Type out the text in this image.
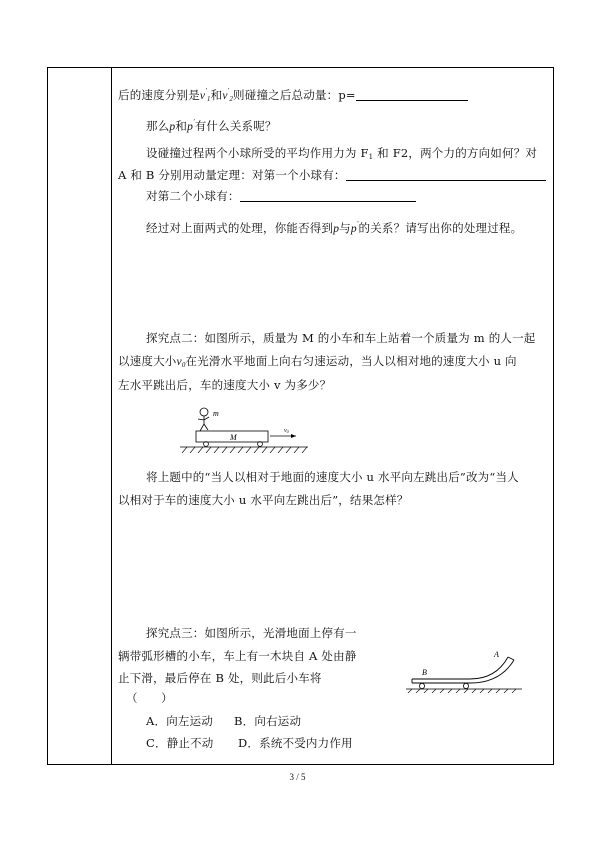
后的速度分别是$v'_1$和$v'_2$则碰撞之后总动量：p=
那么p和p'有什么关系呢？
设碰撞过程两个小球所受的平均作用力为 $F_1$ 和 F2，两个力的方向如何？对
A 和 B 分别用动量定理：对第一个小球有：
对第二个小球有：
经过对上面两式的处理，你能否得到p与p'的关系？请写出你的处理过程。
探究点二：如图所示，质量为 M 的小车和车上站着一个质量为 m 的人一起
以速度大小$v_0$在光滑水平地面上向右匀速运动，当人以相对地的速度大小 u 向
左水平跳出后，车的速度大小 v 为多少？
m
M
v0
将上题中的“当人以相对于地面的速度大小 u 水平向左跳出后”改为“当人
以相对于车的速度大小 u 水平向左跳出后”，结果怎样？
探究点三：如图所示，光滑地面上停有一
辆带弧形槽的小车，车上有一木块自 A 处由静
止下滑，最后停在 B 处，则此后小车将
（　　）
A．向左运动 B．向右运动
C．静止不动 D．系统不受内力作用
A
B
3 / 5
